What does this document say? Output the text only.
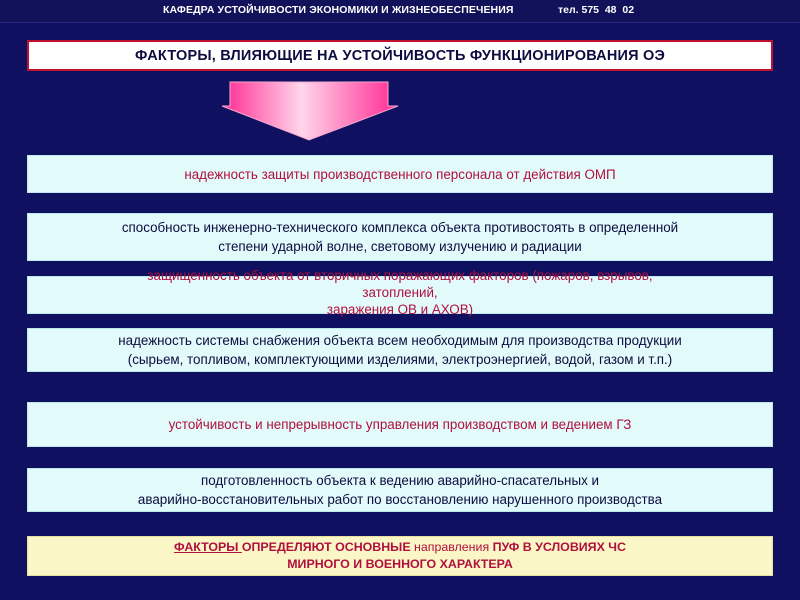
КАФЕДРА УСТОЙЧИВОСТИ ЭКОНОМИКИ И ЖИЗНЕОБЕСПЕЧЕНИЯ	тел. 575  48  02
ФАКТОРЫ, ВЛИЯЮЩИЕ НА УСТОЙЧИВОСТЬ ФУНКЦИОНИРОВАНИЯ ОЭ
надежность защиты производственного персонала от действия ОМП
способность инженерно-технического комплекса объекта противостоять в определенной
степени ударной волне, световому излучению и радиации
защищенность объекта от вторичных поражающих факторов (пожаров, взрывов,
затоплений,
заражения ОВ и АХОВ)
надежность системы снабжения объекта всем необходимым для производства продукции
(сырьем, топливом, комплектующими изделиями, электроэнергией, водой, газом и т.п.)
устойчивость и непрерывность управления производством и ведением ГЗ
подготовленность объекта к ведению аварийно-спасательных и
аварийно-восстановительных работ по восстановлению нарушенного производства
ФАКТОРЫ ОПРЕДЕЛЯЮТ ОСНОВНЫЕ направления ПУФ В УСЛОВИЯХ ЧС
МИРНОГО И ВОЕННОГО ХАРАКТЕРА
